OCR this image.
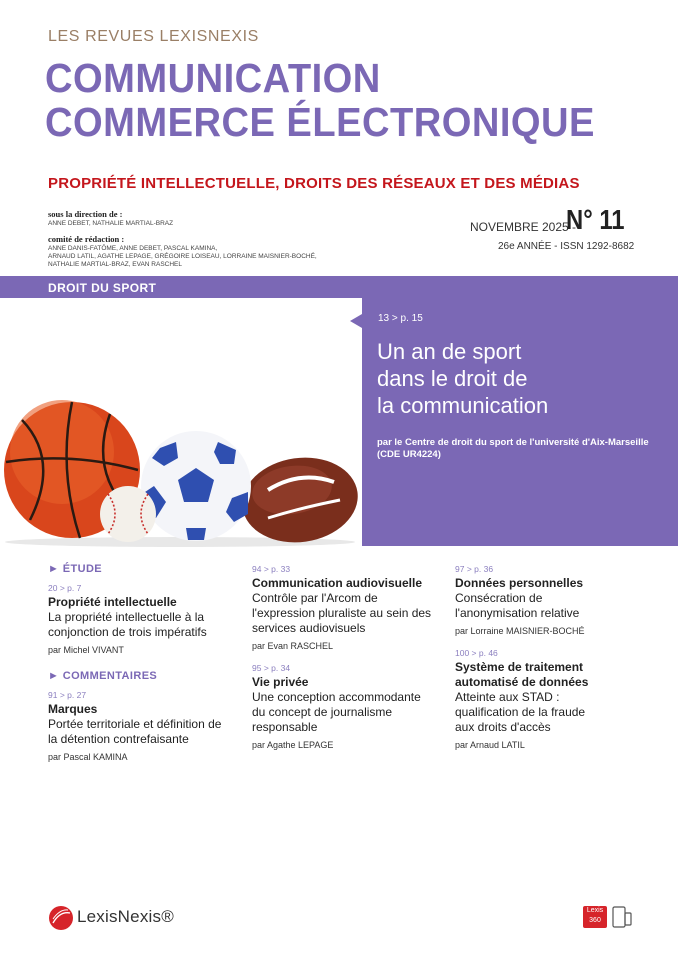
LES REVUES LEXISNEXIS
COMMUNICATION
COMMERCE ÉLECTRONIQUE
PROPRIÉTÉ INTELLECTUELLE, DROITS DES RÉSEAUX ET DES MÉDIAS
sous la direction de :
ANNE DEBET, NATHALIE MARTIAL-BRAZ
comité de rédaction :
ANNE DANIS-FATÔME, ANNE DEBET, PASCAL KAMINA,
ARNAUD LATIL, AGATHE LEPAGE, GRÉGOIRE LOISEAU, LORRAINE MAISNIER-BOCHÉ,
NATHALIE MARTIAL-BRAZ, EVAN RASCHEL
NOVEMBRE 2025 -
N° 11
26e ANNÉE - ISSN 1292-8682
DROIT DU SPORT
13 > p. 15
Un an de sport
dans le droit de
la communication
par le Centre de droit du sport de l'université d'Aix-Marseille (CDE UR4224)
► ÉTUDE
20 > p. 7
Propriété intellectuelle
La propriété intellectuelle à la conjonction de trois impératifs
par Michel VIVANT
► COMMENTAIRES
91 > p. 27
Marques
Portée territoriale et définition de la détention contrefaisante
par Pascal KAMINA
94 > p. 33
Communication audiovisuelle
Contrôle par l'Arcom de l'expression pluraliste au sein des services audiovisuels
par Evan RASCHEL
95 > p. 34
Vie privée
Une conception accommodante du concept de journalisme responsable
par Agathe LEPAGE
97 > p. 36
Données personnelles
Consécration de l'anonymisation relative
par Lorraine MAISNIER-BOCHÉ
100 > p. 46
Système de traitement automatisé de données
Atteinte aux STAD : qualification de la fraude aux droits d'accès
par Arnaud LATIL
LexisNexis®	Lexis 360
